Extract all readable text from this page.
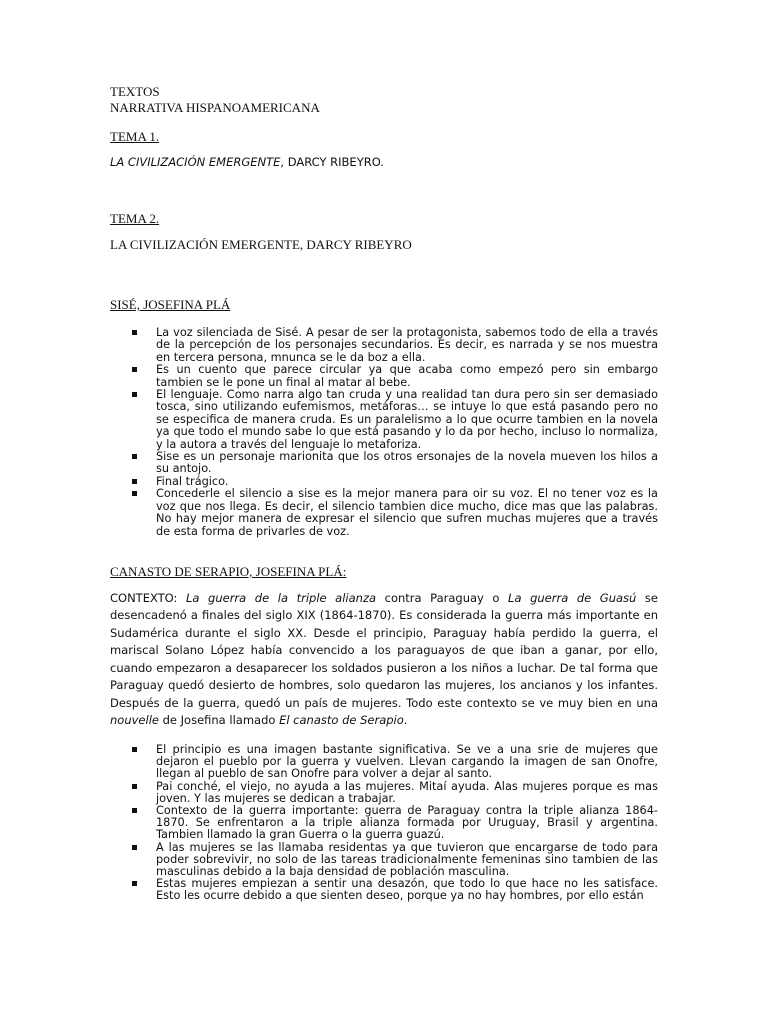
TEXTOS
NARRATIVA HISPANOAMERICANA
TEMA 1.
LA CIVILIZACIÓN EMERGENTE, DARCY RIBEYRO.
TEMA 2.
LA CIVILIZACIÓN EMERGENTE, DARCY RIBEYRO
SISÉ, JOSEFINA PLÁ
La voz silenciada de Sisé. A pesar de ser la protagonista, sabemos todo de ella a través de la percepción de los personajes secundarios. Es decir, es narrada y se nos muestra en tercera persona, mnunca se le da boz a ella.
Es un cuento que parece circular ya que acaba como empezó pero sin embargo tambien se le pone un final al matar al bebe.
El lenguaje. Como narra algo tan cruda y una realidad tan dura pero sin ser demasiado tosca, sino utilizando eufemismos, metáforas… se intuye lo que está pasando pero no se especifica de manera cruda. Es un paralelismo a lo que ocurre tambien en la novela ya que todo el mundo sabe lo que está pasando y lo da por hecho, incluso lo normaliza, y la autora a través del lenguaje lo metaforiza.
Sise es un personaje marionita que los otros ersonajes de la novela mueven los hilos a su antojo.
Final trágico.
Concederle el silencio a sise es la mejor manera para oir su voz. El no tener voz es la voz que nos llega. Es decir, el silencio tambien dice mucho, dice mas que las palabras. No hay mejor manera de expresar el silencio que sufren muchas mujeres que a través de esta forma de privarles de voz.
CANASTO DE SERAPIO, JOSEFINA PLÁ:
CONTEXTO: La guerra de la triple alianza contra Paraguay o La guerra de Guasú se desencadenó a finales del siglo XIX (1864-1870). Es considerada la guerra más importante en Sudamérica durante el siglo XX. Desde el principio, Paraguay había perdido la guerra, el mariscal Solano López había convencido a los paraguayos de que iban a ganar, por ello, cuando empezaron a desaparecer los soldados pusieron a los niños a luchar. De tal forma que Paraguay quedó desierto de hombres, solo quedaron las mujeres, los ancianos y los infantes. Después de la guerra, quedó un país de mujeres. Todo este contexto se ve muy bien en una nouvelle de Josefina llamado El canasto de Serapio.
El principio es una imagen bastante significativa. Se ve a una srie de mujeres que dejaron el pueblo por la guerra y vuelven. Llevan cargando la imagen de san Onofre, llegan al pueblo de san Onofre para volver a dejar al santo.
Pai conché, el viejo, no ayuda a las mujeres. Mitaí ayuda. Alas mujeres porque es mas joven. Y las mujeres se dedican a trabajar.
Contexto de la guerra importante: guerra de Paraguay contra la triple alianza 1864-1870. Se enfrentaron a la triple alianza formada por Uruguay, Brasil y argentina. Tambien llamado la gran Guerra o la guerra guazú.
A las mujeres se las llamaba residentas ya que tuvieron que encargarse de todo para poder sobrevivir, no solo de las tareas tradicionalmente femeninas sino tambien de las masculinas debido a la baja densidad de población masculina.
Estas mujeres empiezan a sentir una desazón, que todo lo que hace no les satisface. Esto les ocurre debido a que sienten deseo, porque ya no hay hombres, por ello están
